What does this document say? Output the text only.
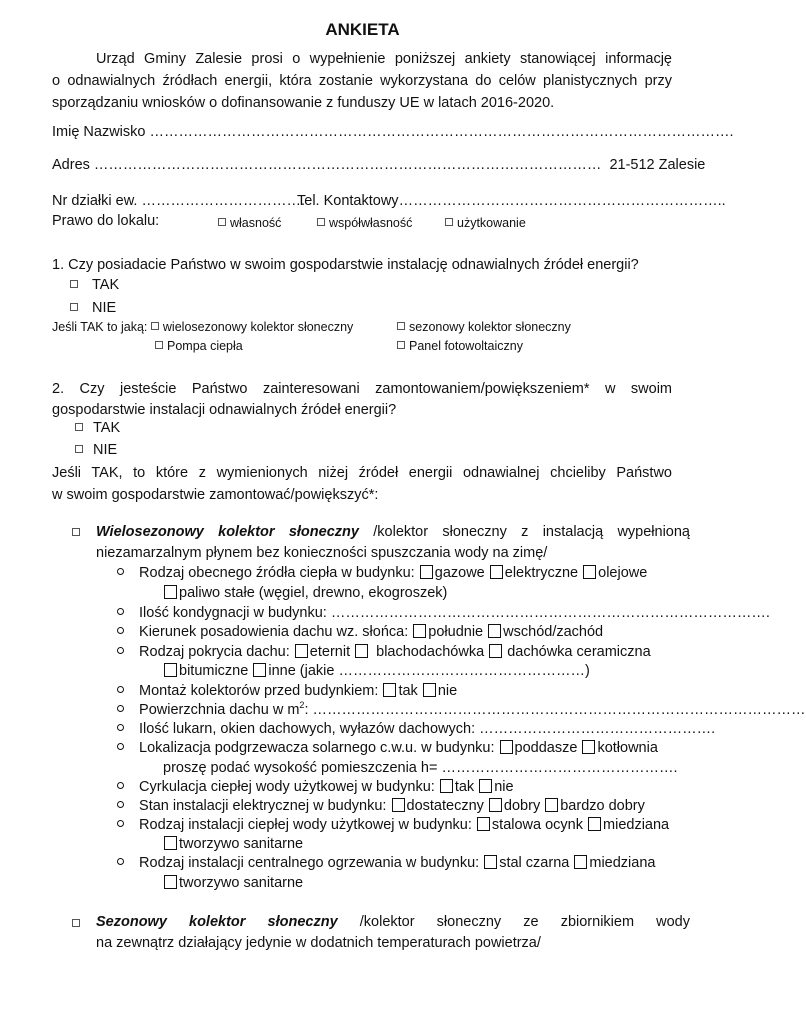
ANKIETA
Urząd Gminy Zalesie prosi o wypełnienie poniższej ankiety stanowiącej informację
o odnawialnych źródłach energii, która zostanie wykorzystana do celów planistycznych przy
sporządzaniu wniosków o dofinansowanie z funduszy UE w latach 2016-2020.
Imię Nazwisko ………………………………………………………………………………………………………….
Adres …………………………………………………………………………………………… 21-512 Zalesie
Nr działki ew. …………………………….
Tel. Kontaktowy…………………………………………………………..
Prawo do lokalu:	własność	współwłasność	użytkowanie
1. Czy posiadacie Państwo w swoim gospodarstwie instalację odnawialnych źródeł energii?
TAK
NIE
Jeśli TAK to jaką: wielosezonowy kolektor słoneczny	sezonowy kolektor słoneczny
Pompa ciepła	Panel fotowoltaiczny
2. Czy jesteście Państwo zainteresowani zamontowaniem/powiększeniem* w swoim
gospodarstwie instalacji odnawialnych źródeł energii?
TAK
NIE
Jeśli TAK, to które z wymienionych niżej źródeł energii odnawialnej chcieliby Państwo
w swoim gospodarstwie zamontować/powiększyć*:
Wielosezonowy kolektor słoneczny /kolektor słoneczny z instalacją wypełnioną
niezamarzalnym płynem bez konieczności spuszczania wody na zimę/
Rodzaj obecnego źródła ciepła w budynku: gazowe elektryczne olejowe
paliwo stałe (węgiel, drewno, ekogroszek)
Ilość kondygnacji w budynku: ……………………………………………………………………………….
Kierunek posadowienia dachu wz. słońca: południe wschód/zachód
Rodzaj pokrycia dachu: eternit blachodachówka dachówka ceramiczna
bitumiczne inne (jakie ……………………………………………)
Montaż kolektorów przed budynkiem: tak nie
Powierzchnia dachu w $m^2$: …………………………………………………………………………………………
Ilość lukarn, okien dachowych, wyłazów dachowych: ………………………………………….
Lokalizacja podgrzewacza solarnego c.w.u. w budynku: poddasze kotłownia
proszę podać wysokość pomieszczenia h= ………………………………………….
Cyrkulacja ciepłej wody użytkowej w budynku: tak nie
Stan instalacji elektrycznej w budynku: dostateczny dobry bardzo dobry
Rodzaj instalacji ciepłej wody użytkowej w budynku: stalowa ocynk miedziana
tworzywo sanitarne
Rodzaj instalacji centralnego ogrzewania w budynku: stal czarna miedziana
tworzywo sanitarne
Sezonowy kolektor słoneczny /kolektor słoneczny ze zbiornikiem wody
na zewnątrz działający jedynie w dodatnich temperaturach powietrza/
